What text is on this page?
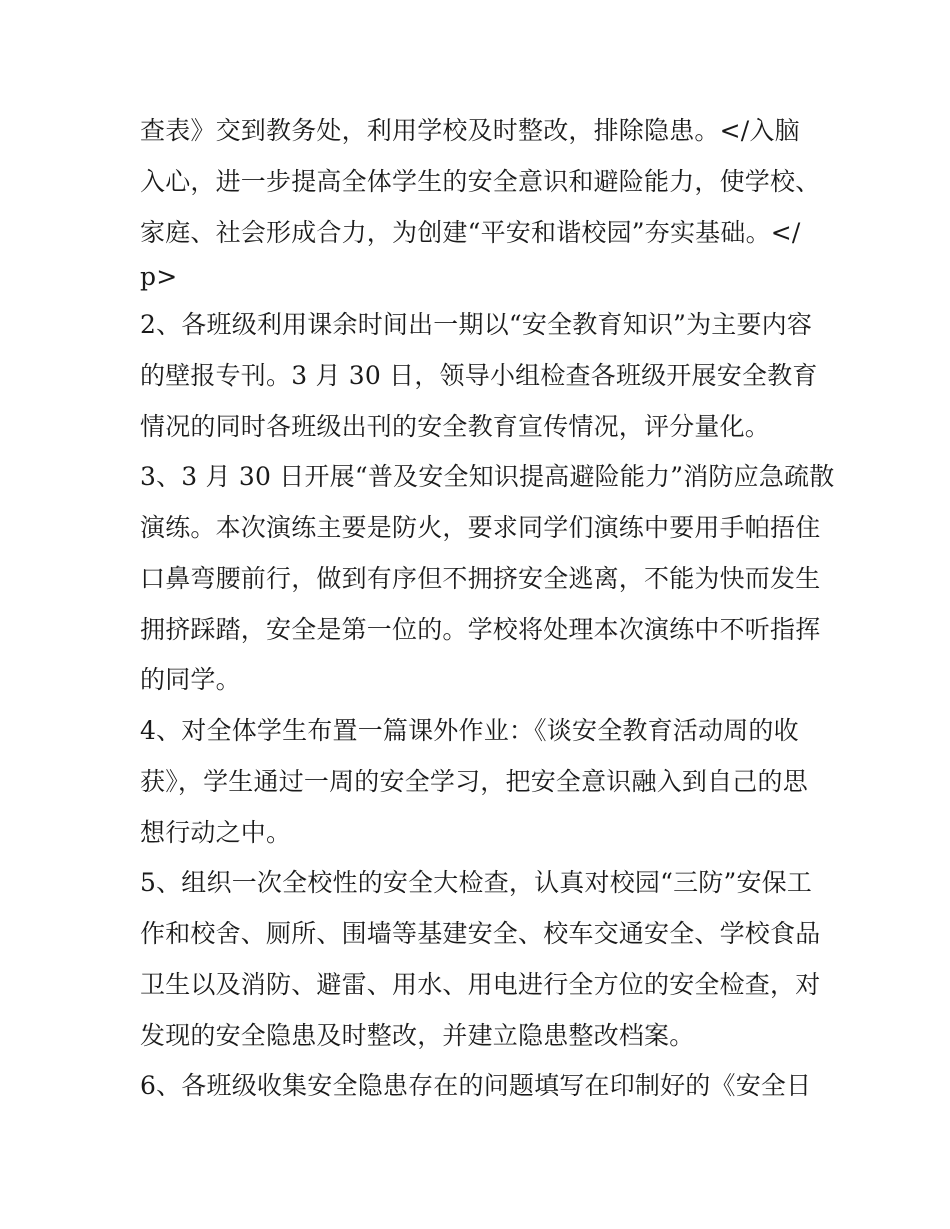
查表》交到教务处，利用学校及时整改，排除隐患。</入脑
入心，进一步提高全体学生的安全意识和避险能力，使学校、
家庭、社会形成合力，为创建“平安和谐校园”夯实基础。</
p>
2、各班级利用课余时间出一期以“安全教育知识”为主要内容
的壁报专刊。3 月 30 日，领导小组检查各班级开展安全教育
情况的同时各班级出刊的安全教育宣传情况，评分量化。
3、3 月 30 日开展“普及安全知识提高避险能力”消防应急疏散
演练。本次演练主要是防火，要求同学们演练中要用手帕捂住
口鼻弯腰前行，做到有序但不拥挤安全逃离，不能为快而发生
拥挤踩踏，安全是第一位的。学校将处理本次演练中不听指挥
的同学。
4、对全体学生布置一篇课外作业：《谈安全教育活动周的收
获》，学生通过一周的安全学习，把安全意识融入到自己的思
想行动之中。
5、组织一次全校性的安全大检查，认真对校园“三防”安保工
作和校舍、厕所、围墙等基建安全、校车交通安全、学校食品
卫生以及消防、避雷、用水、用电进行全方位的安全检查，对
发现的安全隐患及时整改，并建立隐患整改档案。
6、各班级收集安全隐患存在的问题填写在印制好的《安全日
